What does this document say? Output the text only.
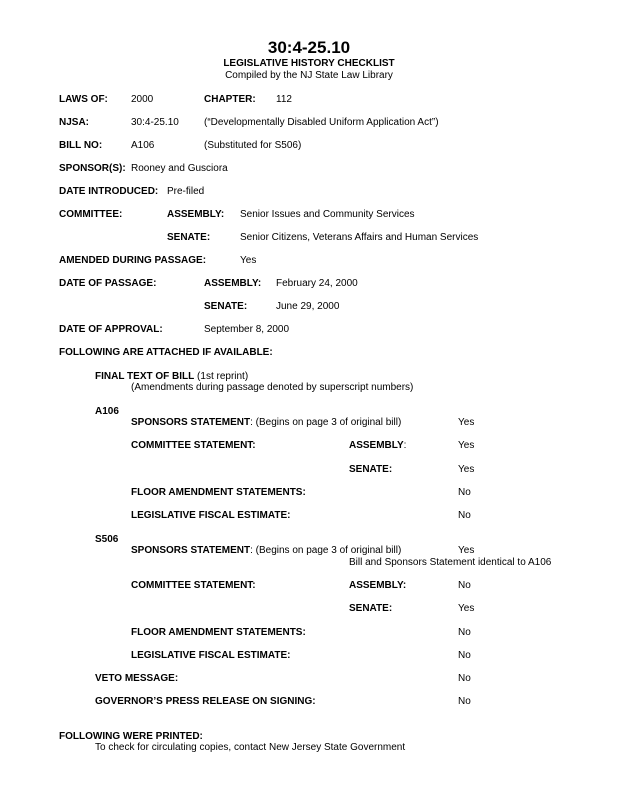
30:4-25.10
LEGISLATIVE HISTORY CHECKLIST
Compiled by the NJ State Law Library
LAWS OF: 2000	CHAPTER: 112
NJSA:	30:4-25.10	(“Developmentally Disabled Uniform Application Act”)
BILL NO:	A106	(Substituted for S506)
SPONSOR(S): Rooney and Gusciora
DATE INTRODUCED: Pre-filed
COMMITTEE:	ASSEMBLY: Senior Issues and Community Services
SENATE:	Senior Citizens, Veterans Affairs and Human Services
AMENDED DURING PASSAGE:	Yes
DATE OF PASSAGE:	ASSEMBLY: February 24, 2000
SENATE:	June 29, 2000
DATE OF APPROVAL:	September 8, 2000
FOLLOWING ARE ATTACHED IF AVAILABLE:
FINAL TEXT OF BILL (1st reprint)
(Amendments during passage denoted by superscript numbers)
A106
SPONSORS STATEMENT: (Begins on page 3 of original bill)	Yes
COMMITTEE STATEMENT:	ASSEMBLY:	Yes
SENATE:	Yes
FLOOR AMENDMENT STATEMENTS:	No
LEGISLATIVE FISCAL ESTIMATE:	No
S506
SPONSORS STATEMENT: (Begins on page 3 of original bill)	Yes
Bill and Sponsors Statement identical to A106
COMMITTEE STATEMENT:	ASSEMBLY:	No
SENATE:	Yes
FLOOR AMENDMENT STATEMENTS:	No
LEGISLATIVE FISCAL ESTIMATE:	No
VETO MESSAGE:	No
GOVERNOR’S PRESS RELEASE ON SIGNING:	No
FOLLOWING WERE PRINTED:
To check for circulating copies, contact New Jersey State Government
